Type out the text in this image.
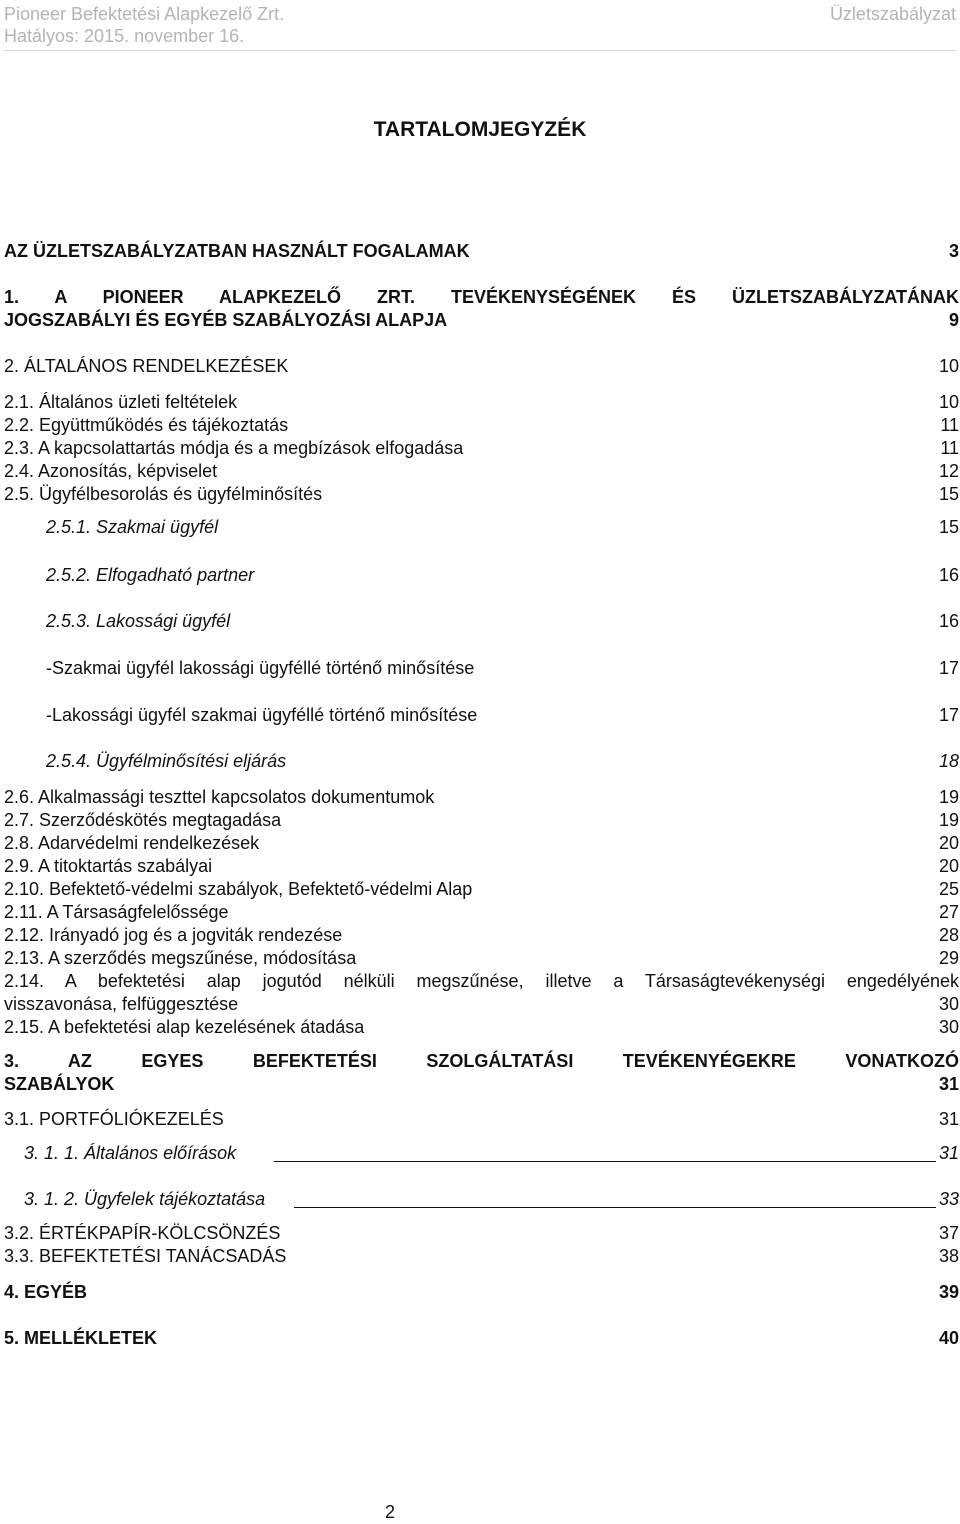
Pioneer Befektetési Alapkezelő Zrt.
Hatályos: 2015. november 16.
Üzletszabályzat
TARTALOMJEGYZÉK
AZ ÜZLETSZABÁLYZATBAN HASZNÁLT FOGALAMAK	3
1. A PIONEER ALAPKEZELŐ ZRT. TEVÉKENYSÉGÉNEK ÉS ÜZLETSZABÁLYZATÁNAK
JOGSZABÁLYI ÉS EGYÉB SZABÁLYOZÁSI ALAPJA	9
2. ÁLTALÁNOS RENDELKEZÉSEK	10
2.1. Általános üzleti feltételek	10
2.2. Együttműködés és tájékoztatás	11
2.3. A kapcsolattartás módja és a megbízások elfogadása	11
2.4. Azonosítás, képviselet	12
2.5. Ügyfélbesorolás és ügyfélminősítés	15
2.5.1. Szakmai ügyfél	15
2.5.2. Elfogadható partner	16
2.5.3. Lakossági ügyfél	16
-Szakmai ügyfél lakossági ügyféllé történő minősítése	17
-Lakossági ügyfél szakmai ügyféllé történő minősítése	17
2.5.4. Ügyfélminősítési eljárás	18
2.6. Alkalmassági teszttel kapcsolatos dokumentumok	19
2.7. Szerződéskötés megtagadása	19
2.8. Adarvédelmi rendelkezések	20
2.9. A titoktartás szabályai	20
2.10. Befektető-védelmi szabályok, Befektető-védelmi Alap	25
2.11. A Társaságfelelőssége	27
2.12. Irányadó jog és a jogviták rendezése	28
2.13. A szerződés megszűnése, módosítása	29
2.14. A befektetési alap jogutód nélküli megszűnése, illetve a Társaságtevékenységi engedélyének
visszavonása, felfüggesztése	30
2.15. A befektetési alap kezelésének átadása	30
3. AZ EGYES BEFEKTETÉSI SZOLGÁLTATÁSI TEVÉKENYÉGEKRE VONATKOZÓ
SZABÁLYOK	31
3.1. PORTFÓLIÓKEZELÉS	31
3. 1. 1. Általános előírások	31
3. 1. 2. Ügyfelek tájékoztatása	33
3.2. ÉRTÉKPAPÍR-KÖLCSÖNZÉS	37
3.3. BEFEKTETÉSI TANÁCSADÁS	38
4. EGYÉB	39
5. MELLÉKLETEK	40
2
